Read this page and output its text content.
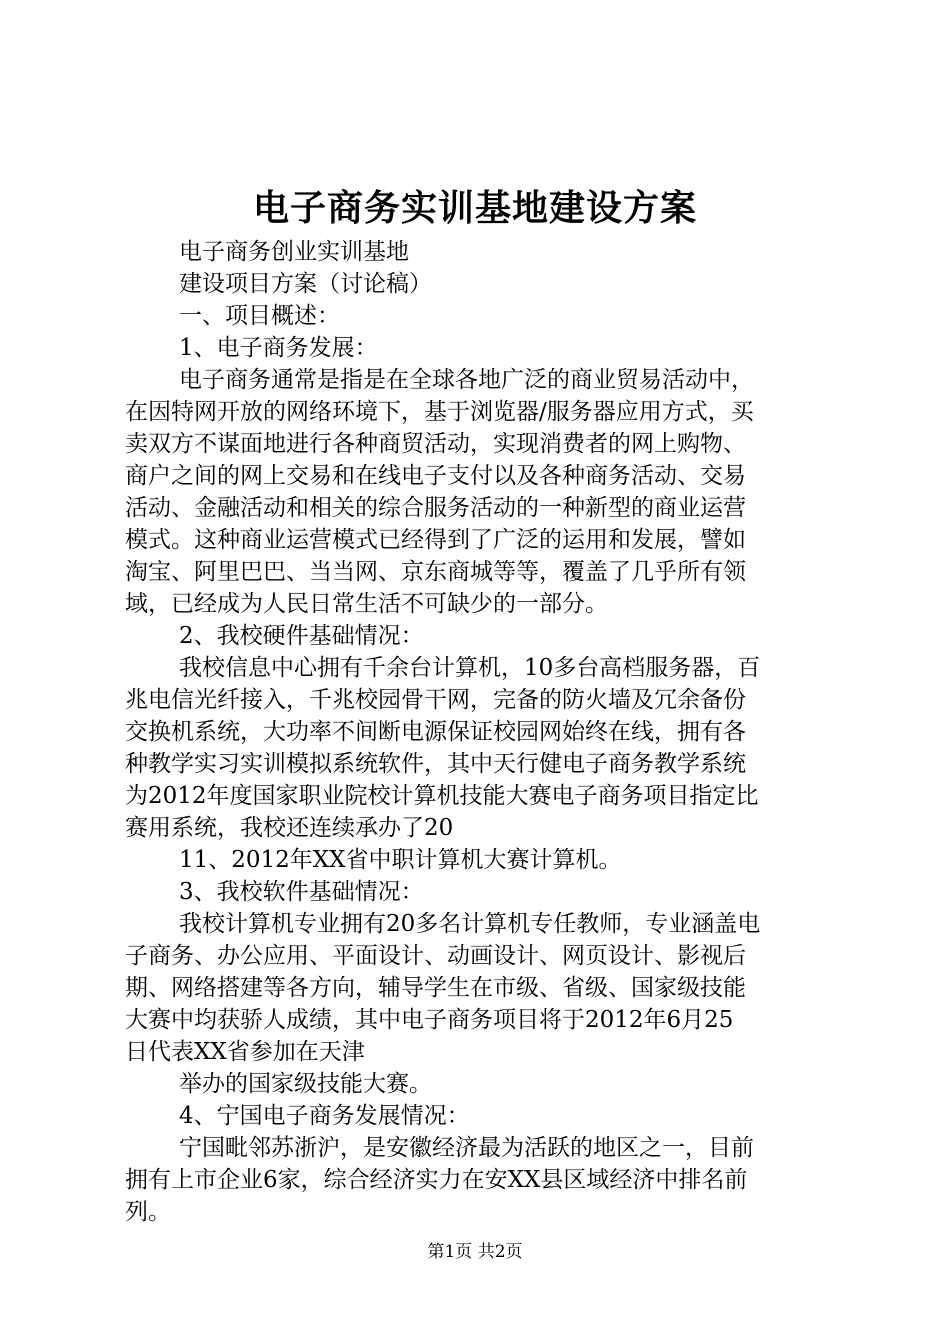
电子商务实训基地建设方案
电子商务创业实训基地
建设项目方案（讨论稿）
一、项目概述：
1、电子商务发展：
电子商务通常是指是在全球各地广泛的商业贸易活动中，
在因特网开放的网络环境下，基于浏览器/服务器应用方式，买
卖双方不谋面地进行各种商贸活动，实现消费者的网上购物、
商户之间的网上交易和在线电子支付以及各种商务活动、交易
活动、金融活动和相关的综合服务活动的一种新型的商业运营
模式。这种商业运营模式已经得到了广泛的运用和发展，譬如
淘宝、阿里巴巴、当当网、京东商城等等，覆盖了几乎所有领
域，已经成为人民日常生活不可缺少的一部分。
2、我校硬件基础情况：
我校信息中心拥有千余台计算机，10多台高档服务器，百
兆电信光纤接入，千兆校园骨干网，完备的防火墙及冗余备份
交换机系统，大功率不间断电源保证校园网始终在线，拥有各
种教学实习实训模拟系统软件，其中天行健电子商务教学系统
为2012年度国家职业院校计算机技能大赛电子商务项目指定比
赛用系统，我校还连续承办了20
11、2012年XX省中职计算机大赛计算机。
3、我校软件基础情况：
我校计算机专业拥有20多名计算机专任教师，专业涵盖电
子商务、办公应用、平面设计、动画设计、网页设计、影视后
期、网络搭建等各方向，辅导学生在市级、省级、国家级技能
大赛中均获骄人成绩，其中电子商务项目将于2012年6月25
日代表XX省参加在天津
举办的国家级技能大赛。
4、宁国电子商务发展情况：
宁国毗邻苏浙沪，是安徽经济最为活跃的地区之一，目前
拥有上市企业6家，综合经济实力在安XX县区域经济中排名前
列。
第1页 共2页
